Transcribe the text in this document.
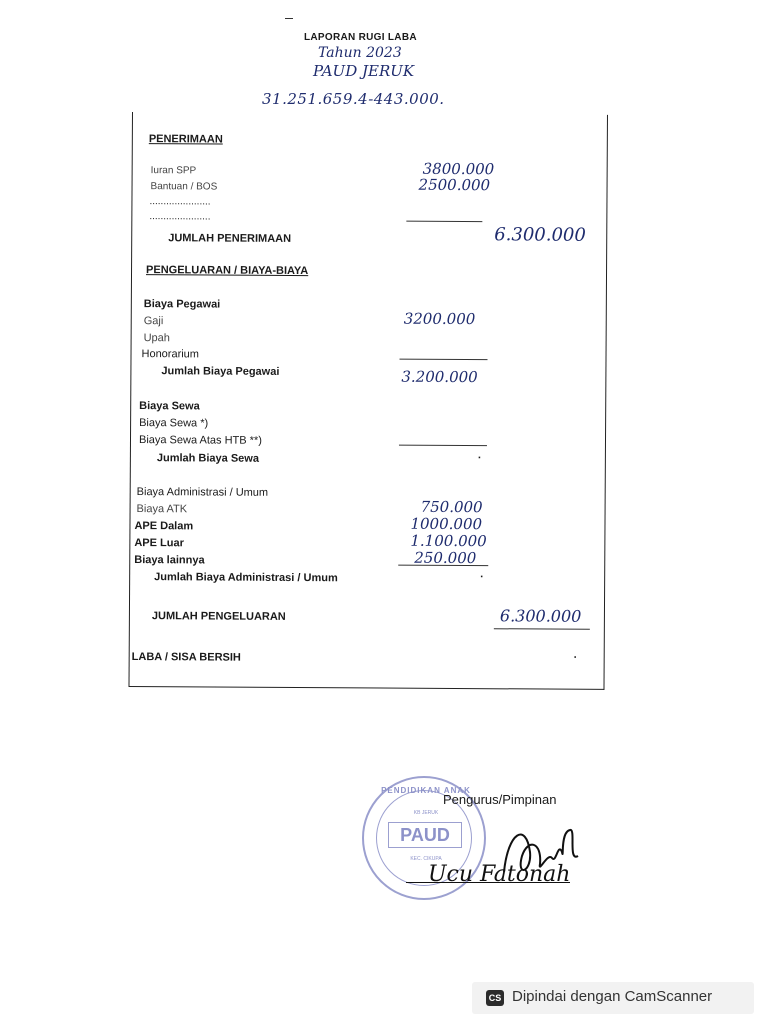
LAPORAN RUGI LABA
Tahun 2023
PAUD JERUK
31.251.659.4-443.000.
PENERIMAAN
Iuran SPP	3800.000
Bantuan / BOS	2500.000
......................
......................
JUMLAH PENERIMAAN	6.300.000
PENGELUARAN / BIAYA-BIAYA
Biaya Pegawai
Gaji	3200.000
Upah
Honorarium
Jumlah Biaya Pegawai	3.200.000
Biaya Sewa
Biaya Sewa *)
Biaya Sewa Atas HTB **)
Jumlah Biaya Sewa	·
Biaya Administrasi / Umum
Biaya ATK	750.000
APE Dalam	1000.000
APE Luar	1.100.000
Biaya lainnya	250.000
Jumlah Biaya Administrasi / Umum	·
JUMLAH PENGELUARAN	6.300.000
LABA / SISA BERSIH	·
PENDIDIKAN ANAK
KB JERUK
PAUD
KEC. CIKUPA
Pengurus/Pimpinan
Ucu Fatonah
CS Dipindai dengan CamScanner
